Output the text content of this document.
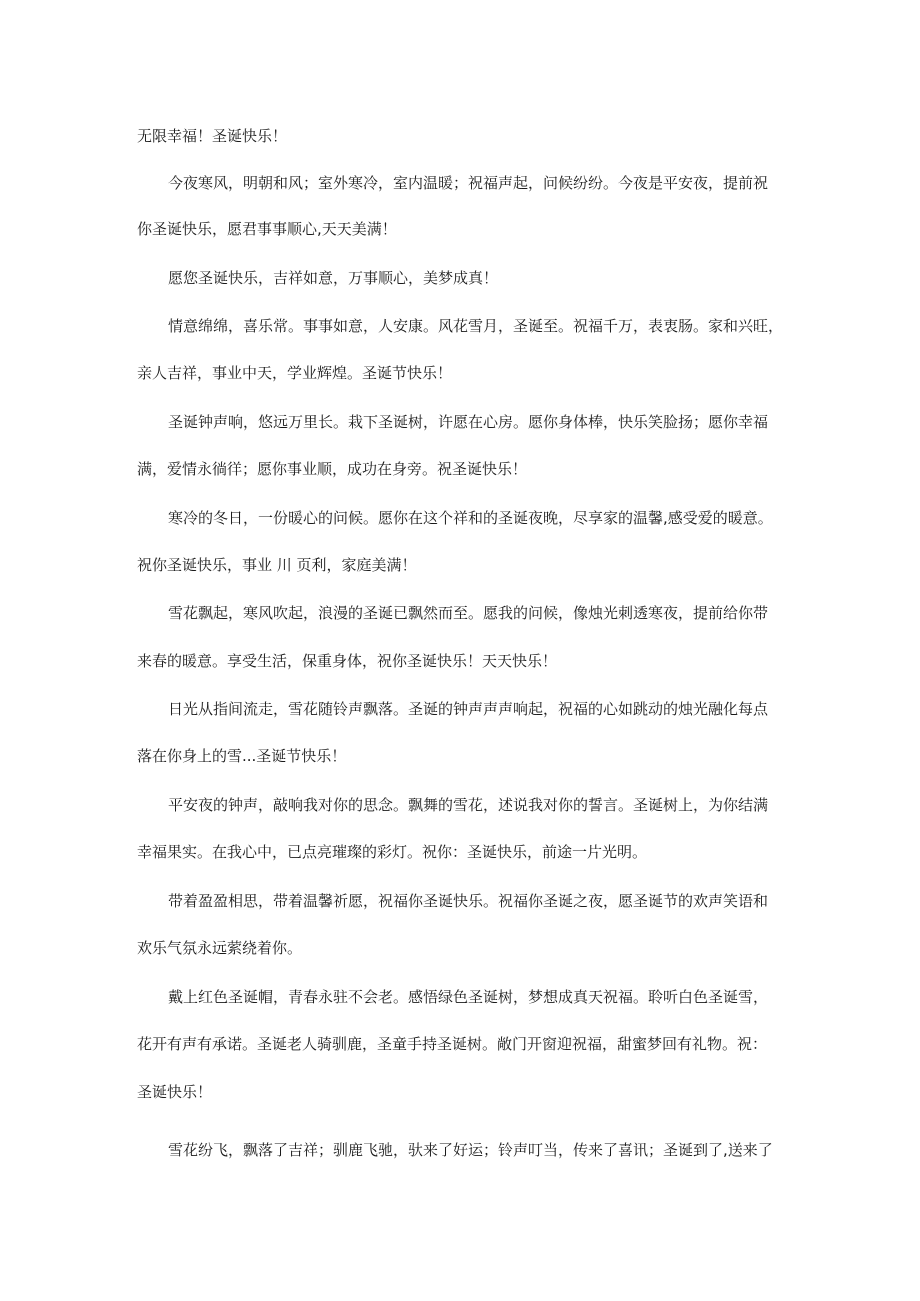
无限幸福！圣诞快乐！
今夜寒风，明朝和风；室外寒冷，室内温暖；祝福声起，问候纷纷。今夜是平安夜，提前祝
你圣诞快乐，愿君事事顺心,天天美满！
愿您圣诞快乐，吉祥如意，万事顺心，美梦成真！
情意绵绵，喜乐常。事事如意，人安康。风花雪月，圣诞至。祝福千万，表衷肠。家和兴旺，
亲人吉祥，事业中天，学业辉煌。圣诞节快乐！
圣诞钟声响，悠远万里长。栽下圣诞树，许愿在心房。愿你身体棒，快乐笑脸扬；愿你幸福
满，爱情永徜徉；愿你事业顺，成功在身旁。祝圣诞快乐！
寒冷的冬日，一份暖心的问候。愿你在这个祥和的圣诞夜晚，尽享家的温馨,感受爱的暖意。
祝你圣诞快乐，事业 川 页利，家庭美满！
雪花飘起，寒风吹起，浪漫的圣诞已飘然而至。愿我的问候，像烛光刺透寒夜，提前给你带
来春的暖意。享受生活，保重身体，祝你圣诞快乐！天天快乐！
日光从指间流走，雪花随铃声飘落。圣诞的钟声声声响起，祝福的心如跳动的烛光融化每点
落在你身上的雪...圣诞节快乐！
平安夜的钟声，敲响我对你的思念。飘舞的雪花，述说我对你的誓言。圣诞树上，为你结满
幸福果实。在我心中，已点亮璀璨的彩灯。祝你：圣诞快乐，前途一片光明。
带着盈盈相思，带着温馨祈愿，祝福你圣诞快乐。祝福你圣诞之夜，愿圣诞节的欢声笑语和
欢乐气氛永远萦绕着你。
戴上红色圣诞帽，青春永驻不会老。感悟绿色圣诞树，梦想成真天祝福。聆听白色圣诞雪，
花开有声有承诺。圣诞老人骑驯鹿，圣童手持圣诞树。敞门开窗迎祝福，甜蜜梦回有礼物。祝：
圣诞快乐！
雪花纷飞，飘落了吉祥；驯鹿飞驰，驮来了好运；铃声叮当，传来了喜讯；圣诞到了,送来了
